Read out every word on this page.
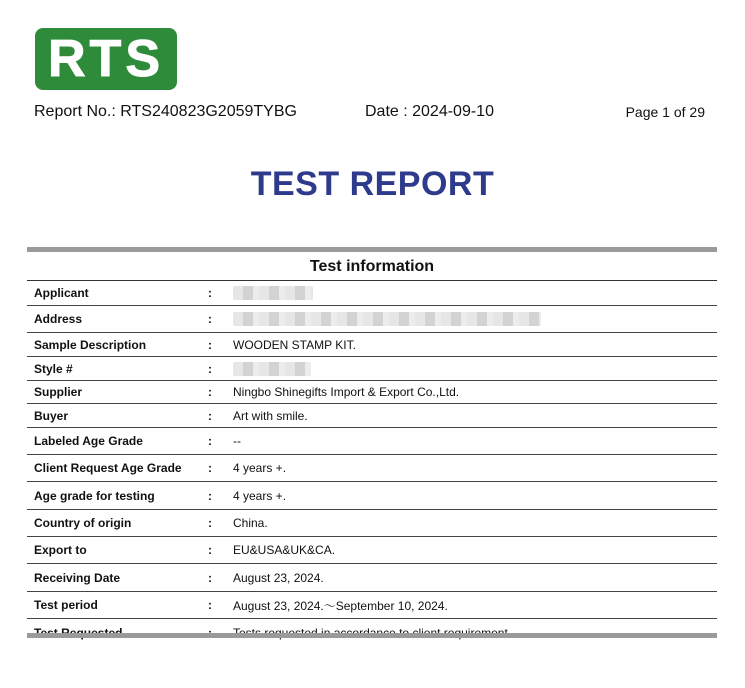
RTS
Report No.: RTS240823G2059TYBG	Date : 2024-09-10	Page 1 of 29
TEST REPORT
Test information
Applicant	:
Address	:
Sample Description	: WOODEN STAMP KIT.
Style #	:
Supplier	: Ningbo Shinegifts Import & Export Co.,Ltd.
Buyer	: Art with smile.
Labeled Age Grade	: --
Client Request Age Grade : 4 years +.
Age grade for testing	: 4 years +.
Country of origin	: China.
Export to	: EU&USA&UK&CA.
Receiving Date	: August 23, 2024.
Test period	: August 23, 2024.～September 10, 2024.
